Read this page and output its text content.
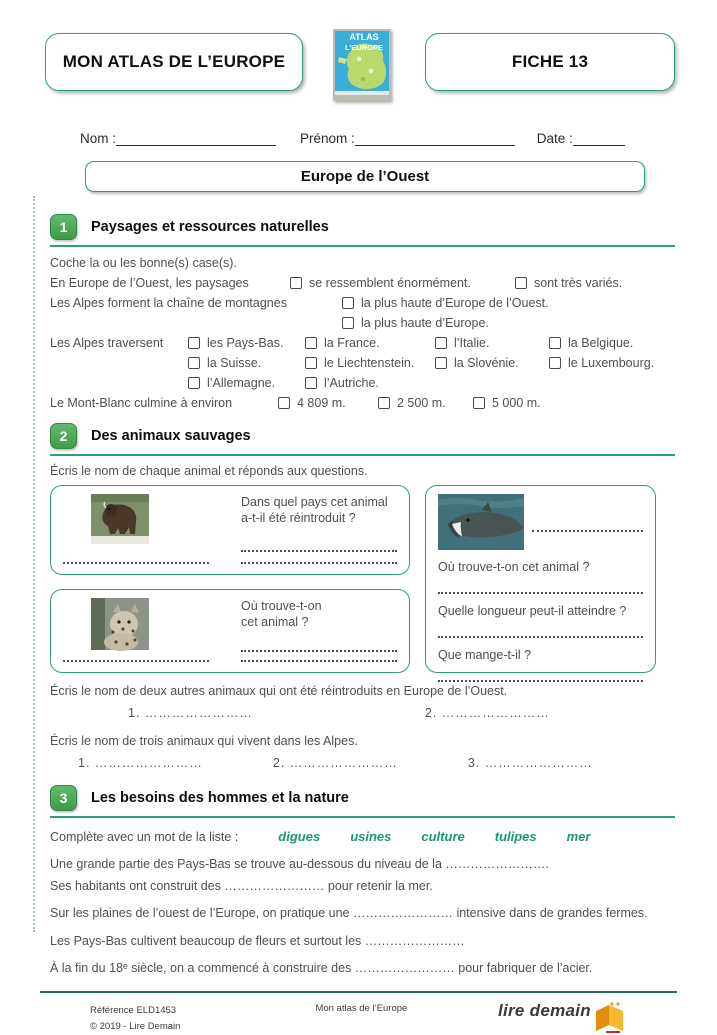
MON ATLAS DE L’EUROPE
ATLAS
L’EUROPE
FICHE 13
Nom :	Prénom :	Date :
Europe de l’Ouest
1	Paysages et ressources naturelles
Coche la ou les bonne(s) case(s).
En Europe de l’Ouest, les paysages	se ressemblent énormément.	sont très variés.
Les Alpes forment la chaîne de montagnes	la plus haute d’Europe de l’Ouest.
la plus haute d’Europe.
Les Alpes traversent	les Pays-Bas.	la France.	l’Italie.	la Belgique.
la Suisse.	le Liechtenstein.	la Slovénie.	le Luxembourg.
l’Allemagne.	l’Autriche.
Le Mont-Blanc culmine à environ	4 809 m.	2 500 m.	5 000 m.
2	Des animaux sauvages
Écris le nom de chaque animal et réponds aux questions.
Dans quel pays cet animal
a-t-il été réintroduit ?
Où trouve-t-on
cet animal ?
Où trouve-t-on cet animal ?
Quelle longueur peut-il atteindre ?
Que mange-t-il ?
Écris le nom de deux autres animaux qui ont été réintroduits en Europe de l’Ouest.
1. ……………………	2. ……………………
Écris le nom de trois animaux qui vivent dans les Alpes.
1. ……………………	2. ……………………	3. ……………………
3	Les besoins des hommes et la nature
Complète avec un mot de la liste :	digues usines culture tulipes mer
Une grande partie des Pays-Bas se trouve au-dessous du niveau de la …………………….
Ses habitants ont construit des …………………… pour retenir la mer.
Sur les plaines de l’ouest de l’Europe, on pratique une …………………… intensive dans de grandes fermes.
Les Pays-Bas cultivent beaucoup de fleurs et surtout les ……………………
À la fin du 18ᵉ siècle, on a commencé à construire des …………………… pour fabriquer de l’acier.
Référence ELD1453
© 2019 - Lire Demain
Mon atlas de l’Europe	lire demain
